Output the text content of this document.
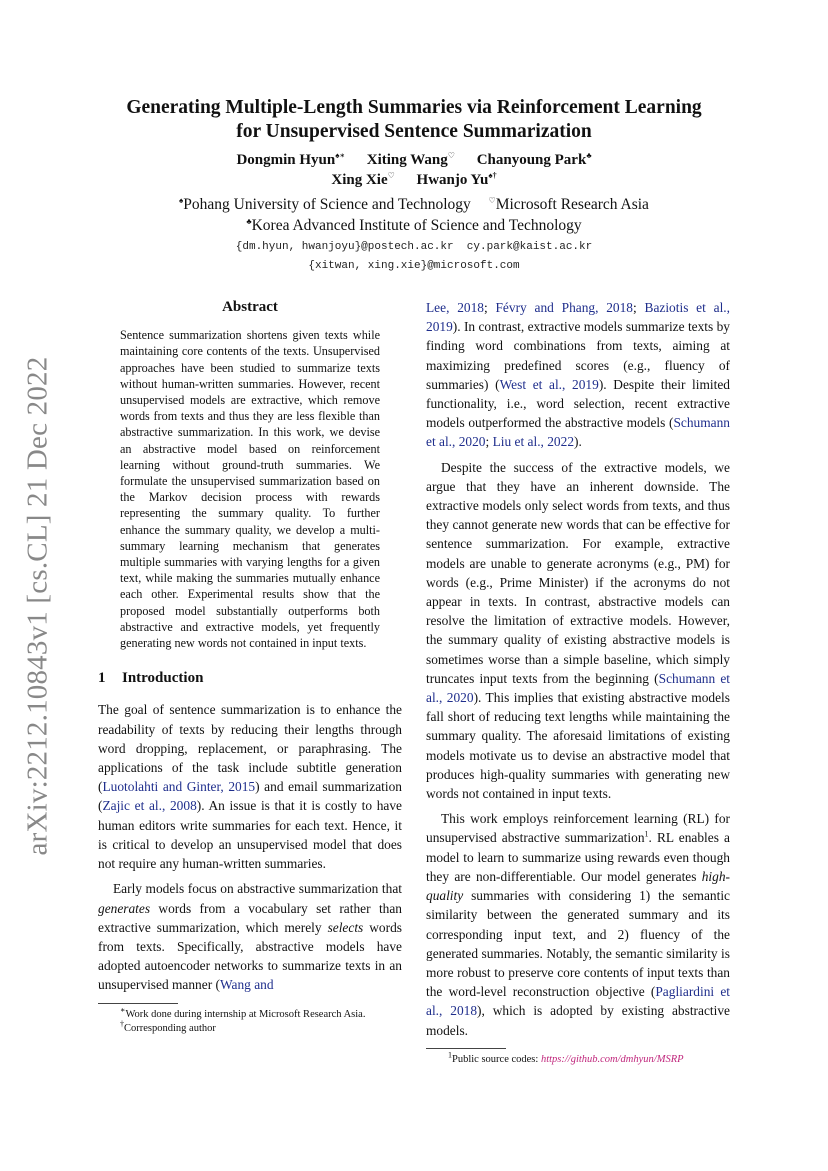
arXiv:2212.10843v1 [cs.CL] 21 Dec 2022
Generating Multiple-Length Summaries via Reinforcement Learning
for Unsupervised Sentence Summarization
Dongmin Hyun♠∗ Xiting Wang♡ Chanyoung Park♣
Xing Xie♡ Hwanjo Yu♠†
♠Pohang University of Science and Technology ♡Microsoft Research Asia
♣Korea Advanced Institute of Science and Technology
{dm.hyun, hwanjoyu}@postech.ac.kr  cy.park@kaist.ac.kr
{xitwan, xing.xie}@microsoft.com
Abstract

Sentence summarization shortens given texts while maintaining core contents of the texts. Unsupervised approaches have been studied to summarize texts without human-written summaries. However, recent unsupervised models are extractive, which remove words from texts and thus they are less flexible than abstractive summarization. In this work, we devise an abstractive model based on reinforcement learning without ground-truth summaries. We formulate the unsupervised summarization based on the Markov decision process with rewards representing the summary quality. To further enhance the summary quality, we develop a multi-summary learning mechanism that generates multiple summaries with varying lengths for a given text, while making the summaries mutually enhance each other. Experimental results show that the proposed model substantially outperforms both abstractive and extractive models, yet frequently generating new words not contained in input texts.

1 Introduction

The goal of sentence summarization is to enhance the readability of texts by reducing their lengths through word dropping, replacement, or paraphrasing. The applications of the task include subtitle generation (Luotolahti and Ginter, 2015) and email summarization (Zajic et al., 2008). An issue is that it is costly to have human editors write summaries for each text. Hence, it is critical to develop an unsupervised model that does not require any human-written summaries.

Early models focus on abstractive summarization that generates words from a vocabulary set rather than extractive summarization, which merely selects words from texts. Specifically, abstractive models have adopted autoencoder networks to summarize texts in an unsupervised manner (Wang and

∗Work done during internship at Microsoft Research Asia.
†Corresponding author

Lee, 2018; Févry and Phang, 2018; Baziotis et al., 2019). In contrast, extractive models summarize texts by finding word combinations from texts, aiming at maximizing predefined scores (e.g., fluency of summaries) (West et al., 2019). Despite their limited functionality, i.e., word selection, recent extractive models outperformed the abstractive models (Schumann et al., 2020; Liu et al., 2022).

Despite the success of the extractive models, we argue that they have an inherent downside. The extractive models only select words from texts, and thus they cannot generate new words that can be effective for sentence summarization. For example, extractive models are unable to generate acronyms (e.g., PM) for words (e.g., Prime Minister) if the acronyms do not appear in texts. In contrast, abstractive models can resolve the limitation of extractive models. However, the summary quality of existing abstractive models is sometimes worse than a simple baseline, which simply truncates input texts from the beginning (Schumann et al., 2020). This implies that existing abstractive models fall short of reducing text lengths while maintaining the summary quality. The aforesaid limitations of existing models motivate us to devise an abstractive model that produces high-quality summaries with generating new words not contained in input texts.

This work employs reinforcement learning (RL) for unsupervised abstractive summarization$^1$. RL enables a model to learn to summarize using rewards even though they are non-differentiable. Our model generates high-quality summaries with considering 1) the semantic similarity between the generated summary and its corresponding input text, and 2) fluency of the generated summaries. Notably, the semantic similarity is more robust to preserve core contents of input texts than the word-level reconstruction objective (Pagliardini et al., 2018), which is adopted by existing abstractive models.

$^1$Public source codes: https://github.com/dmhyun/MSRP
